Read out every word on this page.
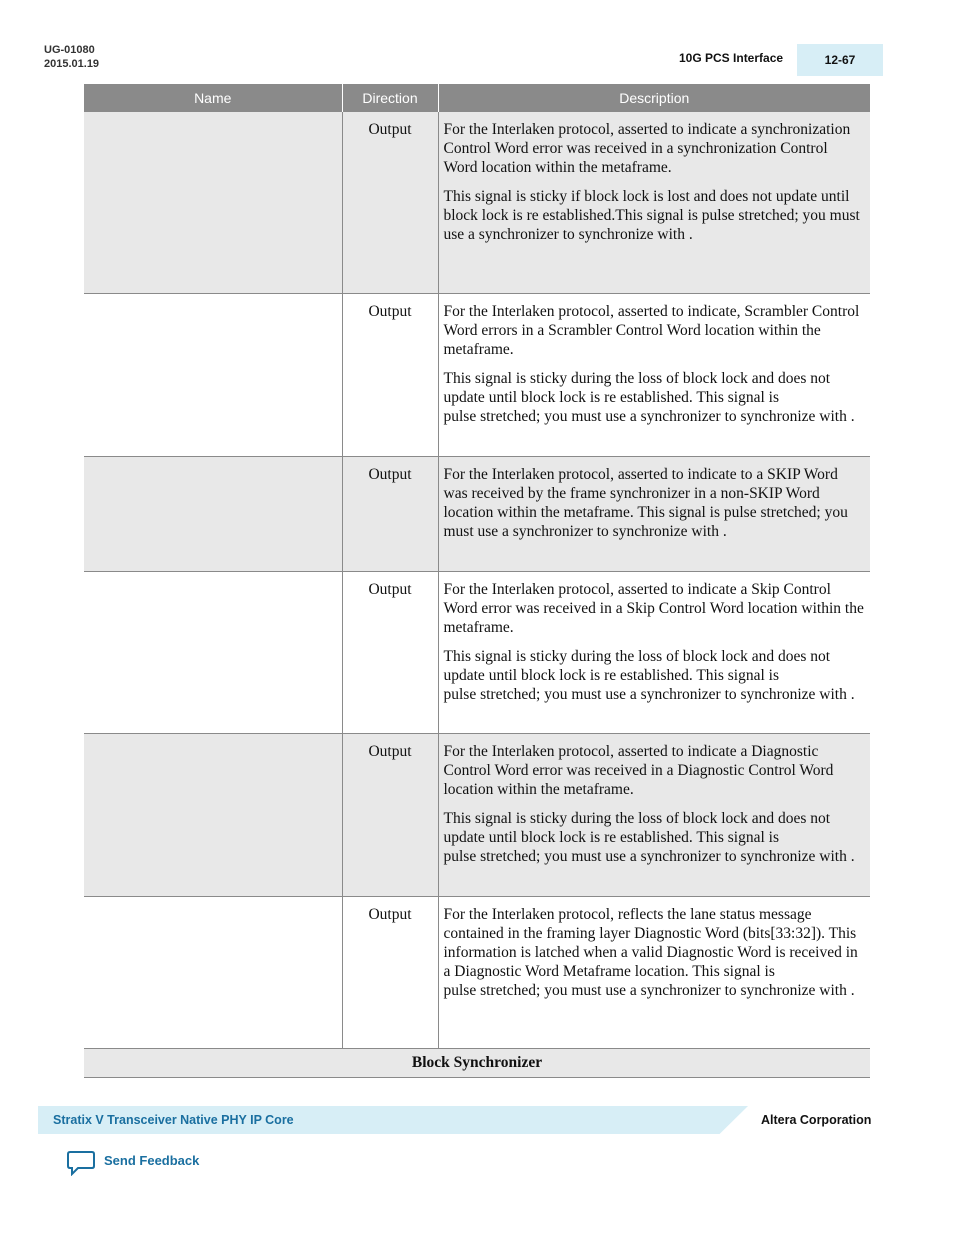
UG-01080
2015.01.19	10G PCS Interface	12-67
Name	Direction	Description
	Output	For the Interlaken protocol, asserted to indicate a synchronization Control Word error was received in a synchronization Control Word location within the metaframe.

This signal is sticky if block lock is lost and does not update until block lock is re established.This signal is pulse stretched; you must use a synchronizer to synchronize with .

	Output	For the Interlaken protocol, asserted to indicate, Scrambler Control Word errors in a Scrambler Control Word location within the metaframe.

This signal is sticky during the loss of block lock and does not update until block lock is re established. This signal is pulse stretched; you must use a synchronizer to synchronize with .

	Output	For the Interlaken protocol, asserted to indicate to a SKIP Word was received by the frame synchronizer in a non-SKIP Word location within the metaframe. This signal is pulse stretched; you must use a synchronizer to synchronize with .

	Output	For the Interlaken protocol, asserted to indicate a Skip Control Word error was received in a Skip Control Word location within the metaframe.

This signal is sticky during the loss of block lock and does not update until block lock is re established. This signal is pulse stretched; you must use a synchronizer to synchronize with .

	Output	For the Interlaken protocol, asserted to indicate a Diagnostic Control Word error was received in a Diagnostic Control Word location within the metaframe.

This signal is sticky during the loss of block lock and does not update until block lock is re established. This signal is pulse stretched; you must use a synchronizer to synchronize with .

	Output	For the Interlaken protocol, reflects the lane status message contained in the framing layer Diagnostic Word (bits[33:32]). This information is latched when a valid Diagnostic Word is received in a Diagnostic Word Metaframe location. This signal is pulse stretched; you must use a synchronizer to synchronize with .

Block Synchronizer		
Stratix V Transceiver Native PHY IP Core	Altera Corporation
Send Feedback
